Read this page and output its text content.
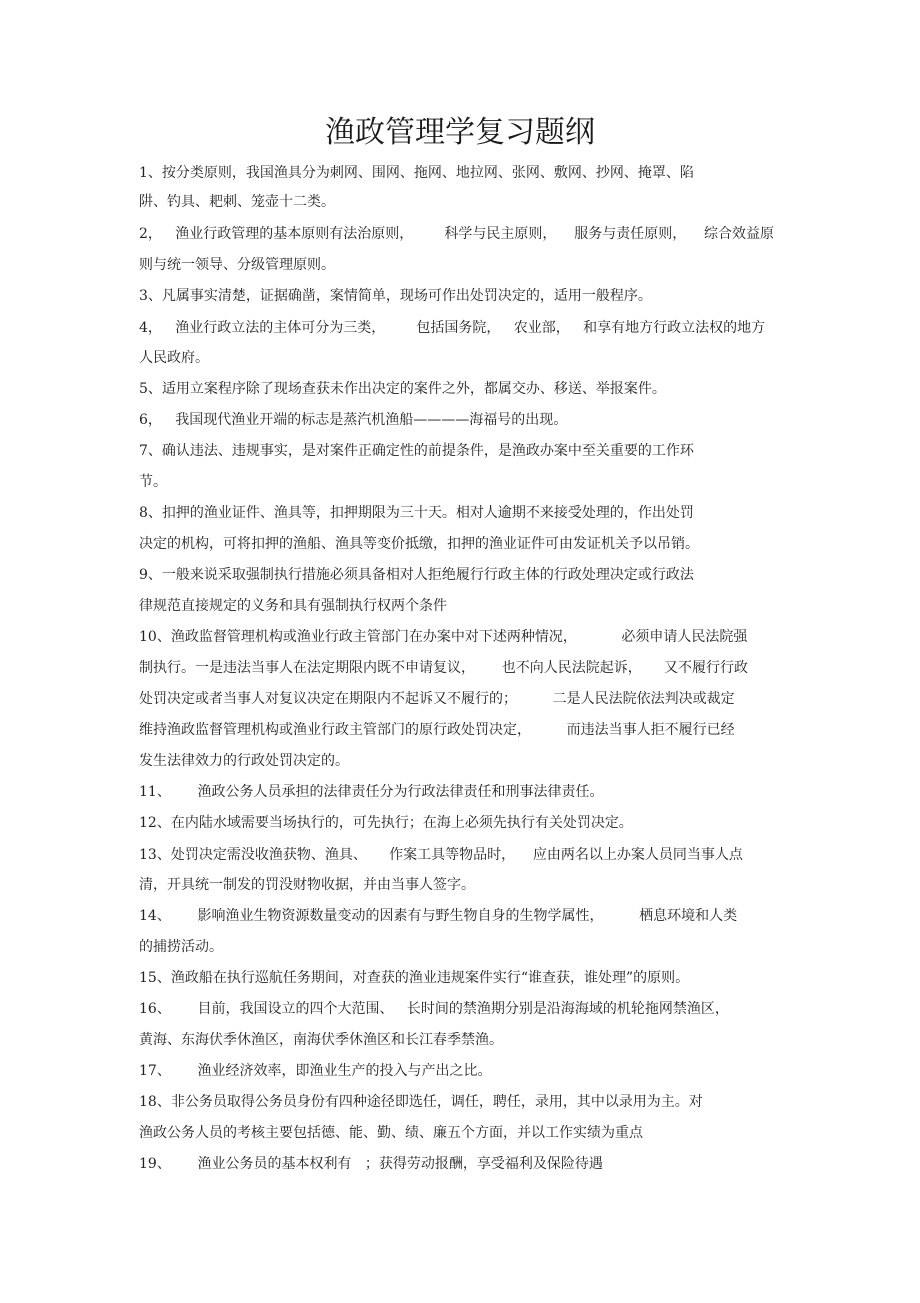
渔政管理学复习题纲
1、按分类原则，我国渔具分为刺网、围网、拖网、地拉网、张网、敷网、抄网、掩罩、陷
阱、钓具、耙刺、笼壶十二类。
2，   渔业行政管理的基本原则有法治原则，       科学与民主原则，    服务与责任原则，    综合效益原
则与统一领导、分级管理原则。
3、凡属事实清楚，证据确凿，案情简单，现场可作出处罚决定的，适用一般程序。
4，   渔业行政立法的主体可分为三类，       包括国务院，   农业部，   和享有地方行政立法权的地方
人民政府。
5、适用立案程序除了现场查获未作出决定的案件之外，都属交办、移送、举报案件。
6，   我国现代渔业开端的标志是蒸汽机渔船————海福号的出现。
7、确认违法、违规事实，是对案件正确定性的前提条件，是渔政办案中至关重要的工作环
节。
8、扣押的渔业证件、渔具等，扣押期限为三十天。相对人逾期不来接受处理的，作出处罚
决定的机构，可将扣押的渔船、渔具等变价抵缴，扣押的渔业证件可由发证机关予以吊销。
9、一般来说采取强制执行措施必须具备相对人拒绝履行行政主体的行政处理决定或行政法
律规范直接规定的义务和具有强制执行权两个条件
10、渔政监督管理机构或渔业行政主管部门在办案中对下述两种情况，          必须申请人民法院强
制执行。一是违法当事人在法定期限内既不申请复议，      也不向人民法院起诉，     又不履行行政
处罚决定或者当事人对复议决定在期限内不起诉又不履行的；        二是人民法院依法判决或裁定
维持渔政监督管理机构或渔业行政主管部门的原行政处罚决定，        而违法当事人拒不履行已经
发生法律效力的行政处罚决定的。
11、      渔政公务人员承担的法律责任分为行政法律责任和刑事法律责任。
12、在内陆水域需要当场执行的，可先执行；在海上必须先执行有关处罚决定。
13、处罚决定需没收渔获物、渔具、     作案工具等物品时，    应由两名以上办案人员同当事人点
清，开具统一制发的罚没财物收据，并由当事人签字。
14、      影响渔业生物资源数量变动的因素有与野生物自身的生物学属性，        栖息环境和人类
的捕捞活动。
15、渔政船在执行巡航任务期间，对查获的渔业违规案件实行“谁查获，谁处理”的原则。
16、      目前，我国设立的四个大范围、   长时间的禁渔期分别是沿海海域的机轮拖网禁渔区，
黄海、东海伏季休渔区，南海伏季休渔区和长江春季禁渔。
17、      渔业经济效率，即渔业生产的投入与产出之比。
18、非公务员取得公务员身份有四种途径即选任，调任，聘任，录用，其中以录用为主。对
渔政公务人员的考核主要包括德、能、勤、绩、廉五个方面，并以工作实绩为重点
19、      渔业公务员的基本权利有   ；获得劳动报酬，享受福利及保险待遇
